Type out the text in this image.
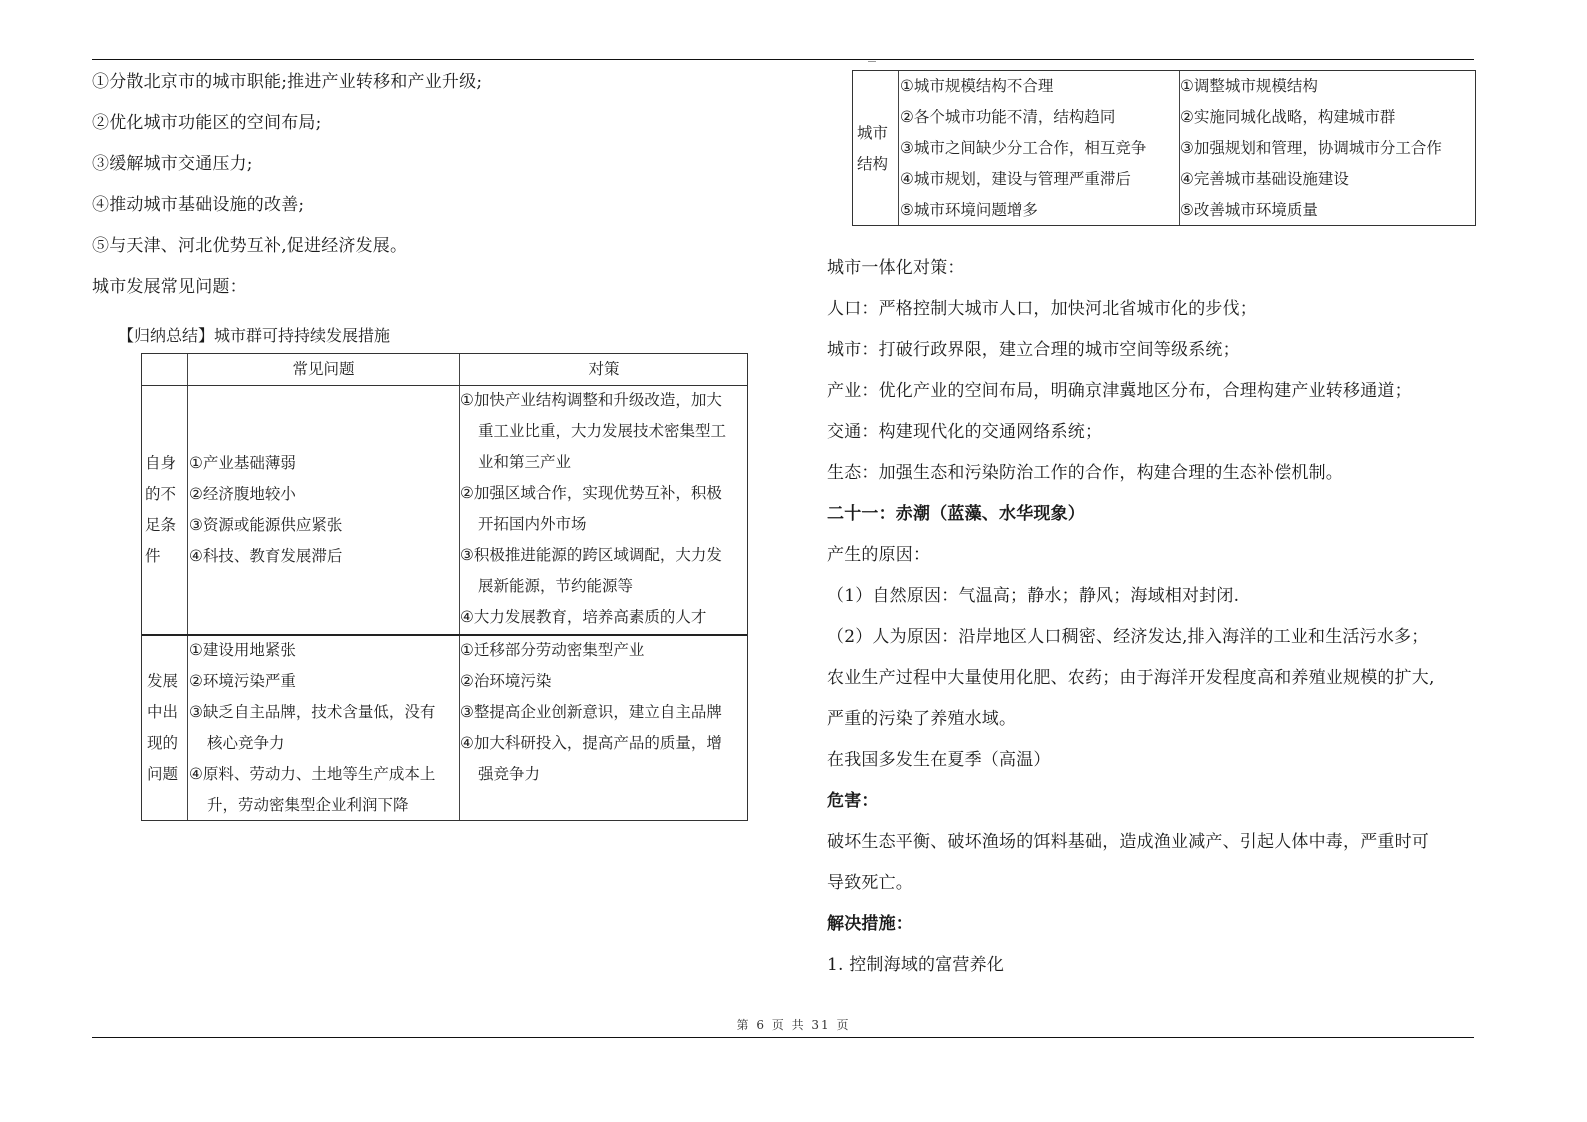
①分散北京市的城市职能;推进产业转移和产业升级;
②优化城市功能区的空间布局;
③缓解城市交通压力;
④推动城市基础设施的改善;
⑤与天津、河北优势互补,促进经济发展。
城市发展常见问题：
【归纳总结】城市群可持持续发展措施
常见问题	对策
自身
的不
足条
件
①产业基础薄弱
②经济腹地较小
③资源或能源供应紧张
④科技、教育发展滞后
①加快产业结构调整和升级改造，加大
重工业比重，大力发展技术密集型工
业和第三产业
②加强区域合作，实现优势互补，积极
开拓国内外市场
③积极推进能源的跨区域调配，大力发
展新能源，节约能源等
④大力发展教育，培养高素质的人才
发展
中出
现的
问题
①建设用地紧张
②环境污染严重
③缺乏自主品牌，技术含量低，没有
核心竞争力
④原料、劳动力、土地等生产成本上
升，劳动密集型企业利润下降
①迁移部分劳动密集型产业
②治环境污染
③整提高企业创新意识，建立自主品牌
④加大科研投入，提高产品的质量，增
强竞争力
城市
结构
①城市规模结构不合理
②各个城市功能不清，结构趋同
③城市之间缺少分工合作，相互竞争
④城市规划，建设与管理严重滞后
⑤城市环境问题增多
①调整城市规模结构
②实施同城化战略，构建城市群
③加强规划和管理，协调城市分工合作
④完善城市基础设施建设
⑤改善城市环境质量
城市一体化对策：
人口：严格控制大城市人口，加快河北省城市化的步伐；
城市：打破行政界限，建立合理的城市空间等级系统；
产业：优化产业的空间布局，明确京津冀地区分布，合理构建产业转移通道；
交通：构建现代化的交通网络系统；
生态：加强生态和污染防治工作的合作，构建合理的生态补偿机制。
二十一：赤潮（蓝藻、水华现象）
产生的原因：
（1）自然原因：气温高；静水；静风；海域相对封闭.
（2）人为原因：沿岸地区人口稠密、经济发达,排入海洋的工业和生活污水多；
农业生产过程中大量使用化肥、农药；由于海洋开发程度高和养殖业规模的扩大,
严重的污染了养殖水域。
在我国多发生在夏季（高温）
危害：
破坏生态平衡、破坏渔场的饵料基础，造成渔业减产、引起人体中毒，严重时可
导致死亡。
解决措施：
1. 控制海域的富营养化
第 6 页 共 31 页
